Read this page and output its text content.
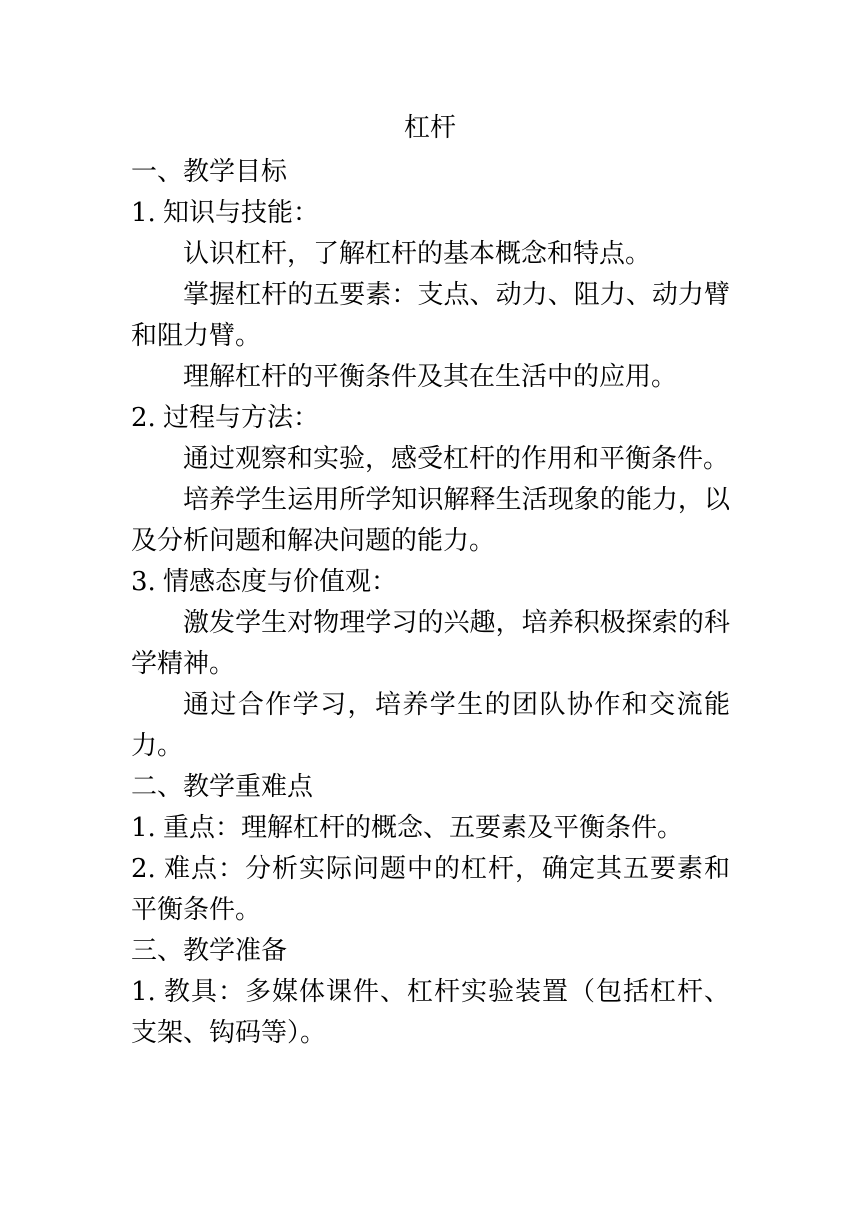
杠杆
一、教学目标
1. 知识与技能：
认识杠杆，了解杠杆的基本概念和特点。
掌握杠杆的五要素：支点、动力、阻力、动力臂和阻力臂。
理解杠杆的平衡条件及其在生活中的应用。
2. 过程与方法：
通过观察和实验，感受杠杆的作用和平衡条件。
培养学生运用所学知识解释生活现象的能力，以及分析问题和解决问题的能力。
3. 情感态度与价值观：
激发学生对物理学习的兴趣，培养积极探索的科学精神。
通过合作学习，培养学生的团队协作和交流能力。
二、教学重难点
1. 重点：理解杠杆的概念、五要素及平衡条件。
2. 难点：分析实际问题中的杠杆，确定其五要素和平衡条件。
三、教学准备
1. 教具：多媒体课件、杠杆实验装置（包括杠杆、支架、钩码等）。
